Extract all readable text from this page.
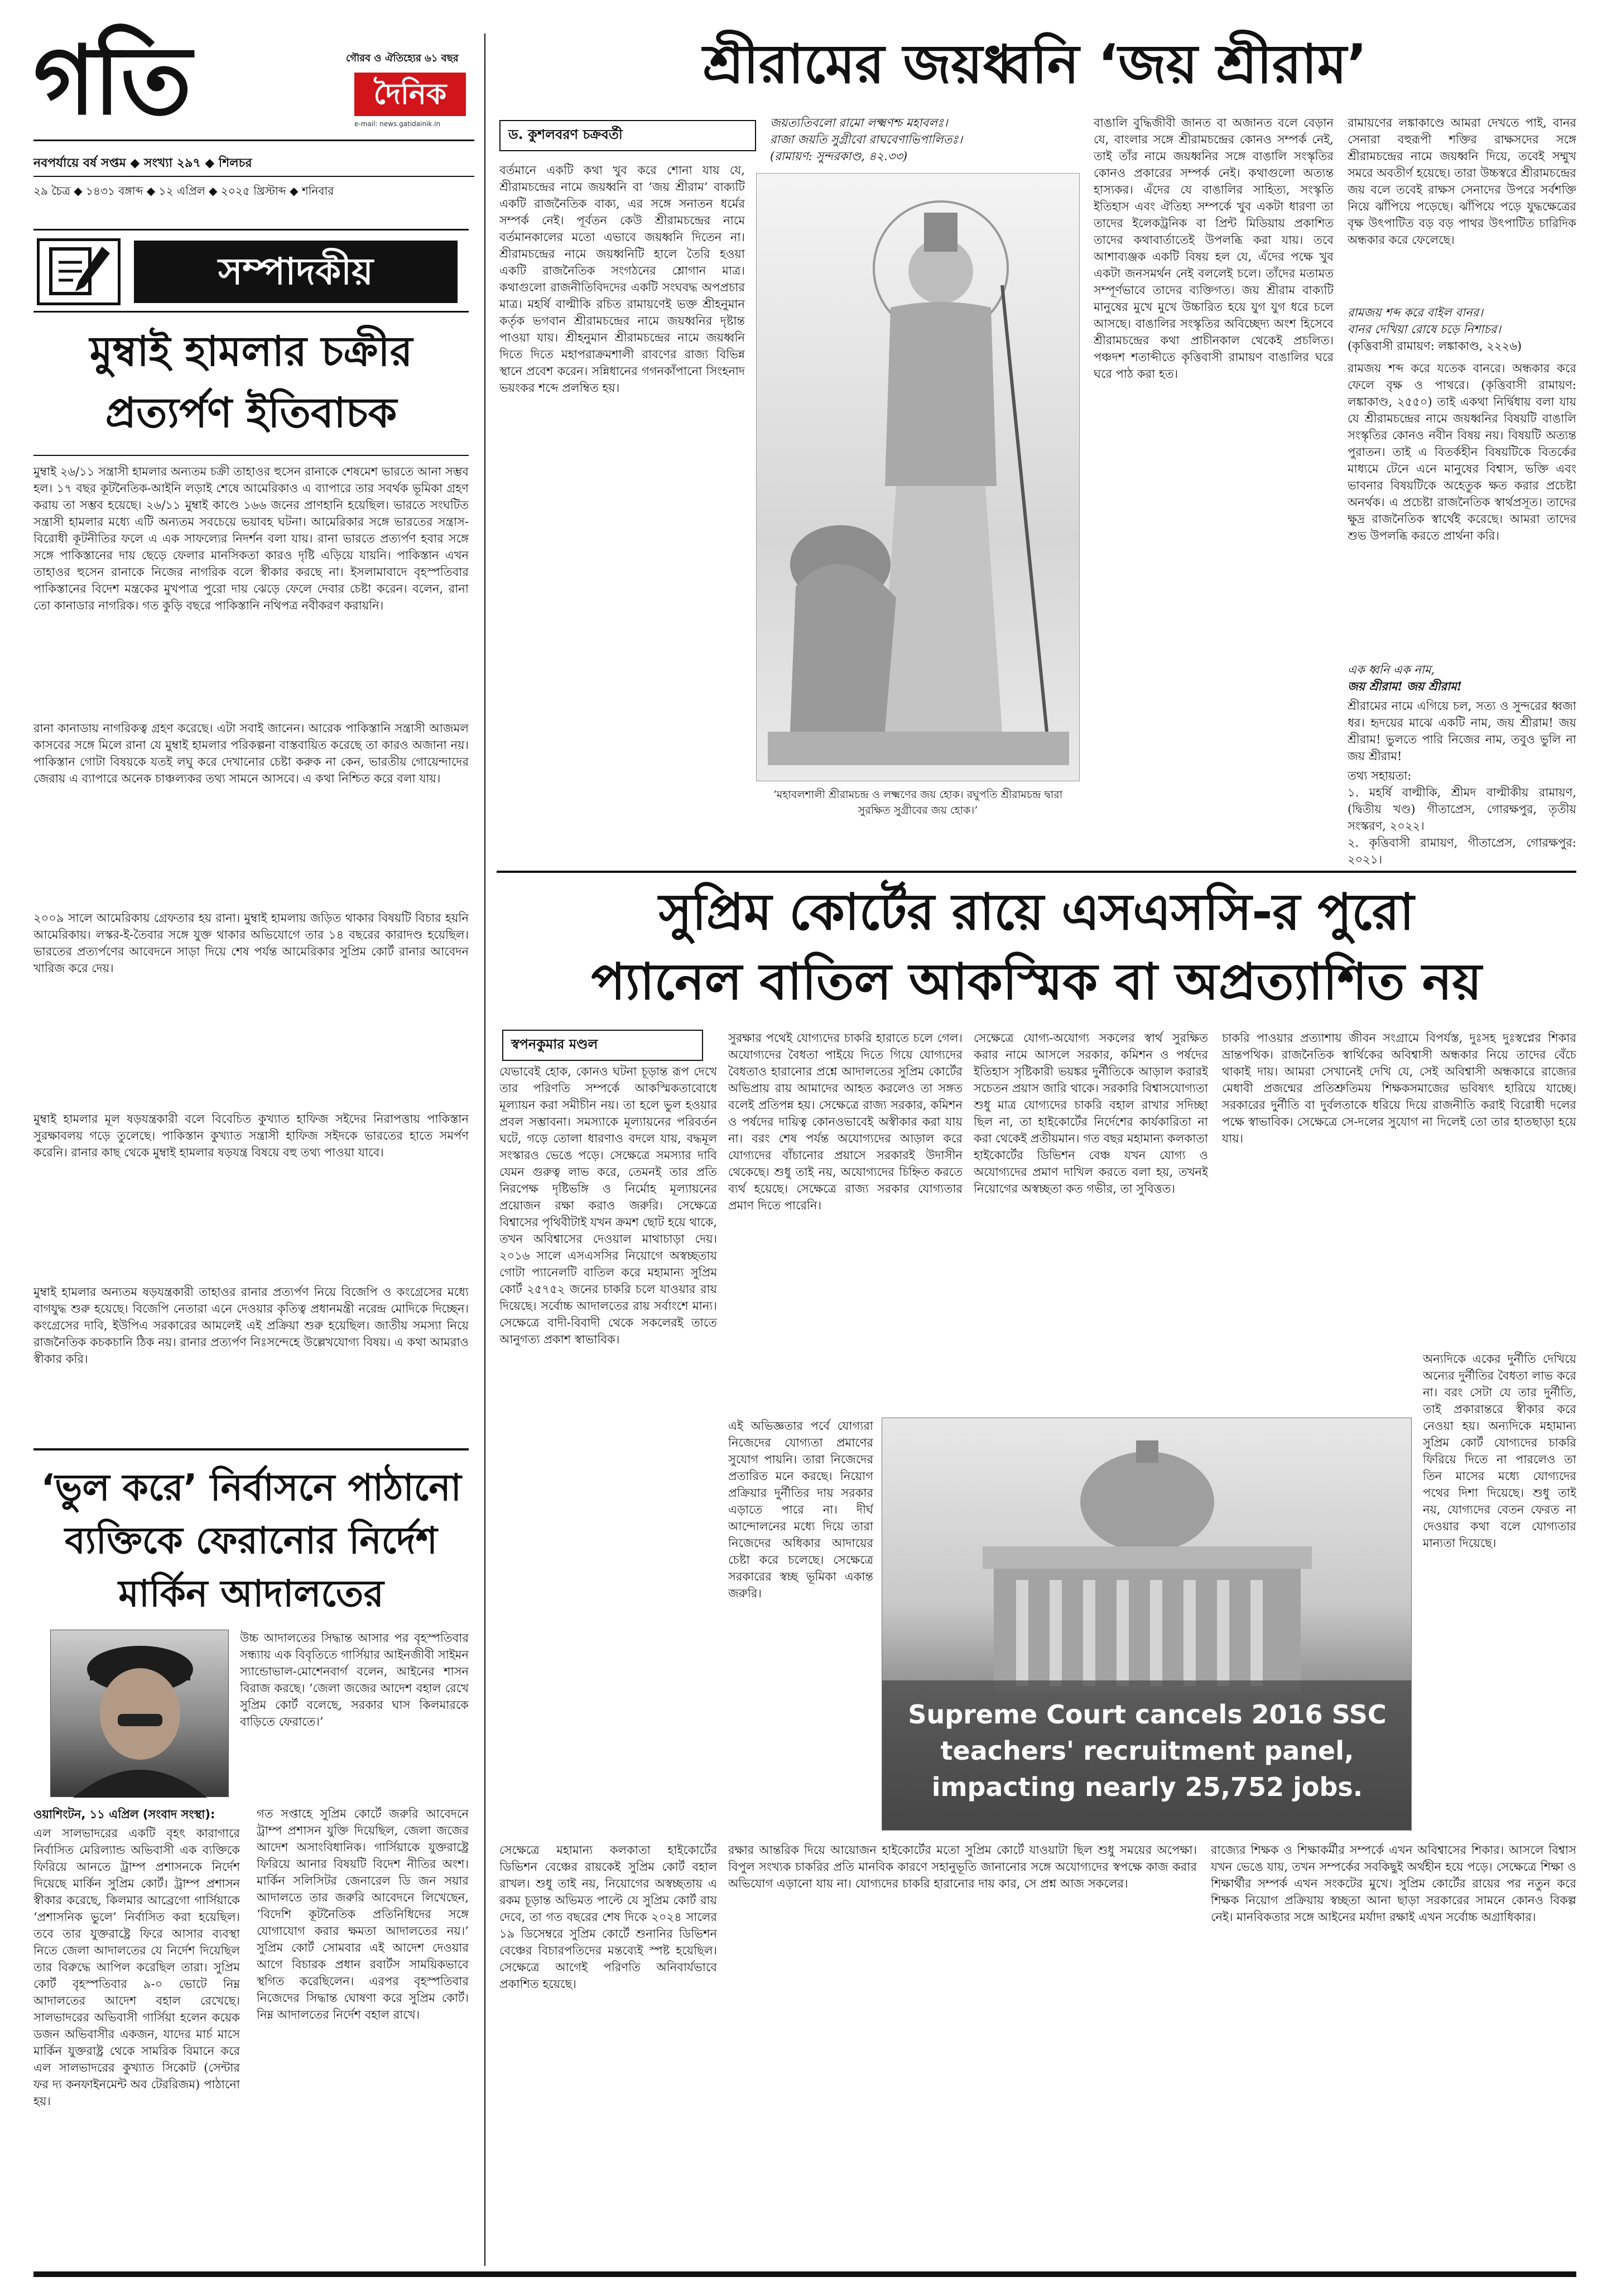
গতি	গৌরব ও ঐতিহ্যের ৬১ বছর
দৈনিক
e-mail: news.gatidainik.in
নবপর্যায়ে বর্ষ সপ্তম ◆ সংখ্যা ২৯৭ ◆ শিলচর
২৯ চৈত্র ◆ ১৪৩১ বঙ্গাব্দ ◆ ১২ এপ্রিল ◆ ২০২৫ খ্রিস্টাব্দ ◆ শনিবার
সম্পাদকীয়
মুম্বাই হামলার চক্রীর
প্রত্যর্পণ ইতিবাচক
মুম্বাই ২৬/১১ সন্ত্রাসী হামলার অন্যতম চক্রী তাহাওর হুসেন রানাকে শেষমেশ ভারতে আনা সম্ভব হল। ১৭ বছর কূটনৈতিক-আইনি লড়াই শেষে আমেরিকাও এ ব্যাপারে তার সবর্থক ভূমিকা গ্রহণ করায় তা সম্ভব হয়েছে। ২৬/১১ মুম্বাই কাণ্ডে ১৬৬ জনের প্রাণহানি হয়েছিল। ভারতে সংঘটিত সন্ত্রাসী হামলার মধ্যে এটি অন্যতম সবচেয়ে ভয়াবহ ঘটনা। আমেরিকার সঙ্গে ভারতের সন্ত্রাস-বিরোধী কূটনীতির ফলে এ এক সাফল্যের নিদর্শন বলা যায়। রানা ভারতে প্রত্যর্পণ হবার সঙ্গে সঙ্গে পাকিস্তানের দায় ছেড়ে ফেলার মানসিকতা কারও দৃষ্টি এড়িয়ে যায়নি। পাকিস্তান এখন তাহাওর হুসেন রানাকে নিজের নাগরিক বলে স্বীকার করছে না। ইসলামাবাদে বৃহস্পতিবার পাকিস্তানের বিদেশ মন্ত্রকের মুখপাত্র পুরো দায় ঝেড়ে ফেলে দেবার চেষ্টা করেন। বলেন, রানা তো কানাডার নাগরিক। গত কুড়ি বছরে পাকিস্তানি নথিপত্র নবীকরণ করায়নি।
রানা কানাডায় নাগরিকত্ব গ্রহণ করেছে। এটা সবাই জানেন। আরেক পাকিস্তানি সন্ত্রাসী আজমল কাসবের সঙ্গে মিলে রানা যে মুম্বাই হামলার পরিকল্পনা বাস্তবায়িত করেছে তা কারও অজানা নয়। পাকিস্তান গোটা বিষয়কে যতই লঘু করে দেখানোর চেষ্টা করুক না কেন, ভারতীয় গোয়েন্দাদের জেরায় এ ব্যাপারে অনেক চাঞ্চল্যকর তথ্য সামনে আসবে। এ কথা নিশ্চিত করে বলা যায়।
২০০৯ সালে আমেরিকায় গ্রেফতার হয় রানা। মুম্বাই হামলায় জড়িত থাকার বিষয়টি বিচার হয়নি আমেরিকায়। লস্কর-ই-তৈবার সঙ্গে যুক্ত থাকার অভিযোগে তার ১৪ বছরের কারাদণ্ড হয়েছিল। ভারতের প্রত্যর্পণের আবেদনে সাড়া দিয়ে শেষ পর্যন্ত আমেরিকার সুপ্রিম কোর্ট রানার আবেদন খারিজ করে দেয়।
মুম্বাই হামলার মূল ষড়যন্ত্রকারী বলে বিবেচিত কুখ্যাত হাফিজ সইদের নিরাপত্তায় পাকিস্তান সুরক্ষাবলয় গড়ে তুলেছে। পাকিস্তান কুখ্যাত সন্ত্রাসী হাফিজ সইদকে ভারতের হাতে সমর্পণ করেনি। রানার কাছ থেকে মুম্বাই হামলার ষড়যন্ত্র বিষয়ে বহু তথ্য পাওয়া যাবে।
মুম্বাই হামলার অন্যতম ষড়যন্ত্রকারী তাহাওর রানার প্রত্যর্পণ নিয়ে বিজেপি ও কংগ্রেসের মধ্যে বাগযুদ্ধ শুরু হয়েছে। বিজেপি নেতারা এনে দেওয়ার কৃতিত্ব প্রধানমন্ত্রী নরেন্দ্র মোদিকে দিচ্ছেন। কংগ্রেসের দাবি, ইউপিএ সরকারের আমলেই এই প্রক্রিয়া শুরু হয়েছিল। জাতীয় সমস্যা নিয়ে রাজনৈতিক কচকচানি ঠিক নয়। রানার প্রত্যর্পণ নিঃসন্দেহে উল্লেখযোগ্য বিষয়। এ কথা আমরাও স্বীকার করি।
‘ভুল করে’ নির্বাসনে পাঠানো
ব্যক্তিকে ফেরানোর নির্দেশ
মার্কিন আদালতের
উচ্চ আদালতের সিদ্ধান্ত আসার পর বৃহস্পতিবার সন্ধ্যায় এক বিবৃতিতে গার্সিয়ার আইনজীবী সাইমন স্যান্ডোভাল-মোশেনবার্গ বলেন, আইনের শাসন বিরাজ করছে। ‘জেলা জজের আদেশ বহাল রেখে সুপ্রিম কোর্ট বলেছে, সরকার ঘাস কিলমারকে বাড়িতে ফেরাতে।’
ওয়াশিংটন, ১১ এপ্রিল (সংবাদ সংস্থা):
এল সালভাদরের একটি বৃহৎ কারাগারে নির্বাসিত মেরিল্যান্ড অভিবাসী এক ব্যক্তিকে ফিরিয়ে আনতে ট্রাম্প প্রশাসনকে নির্দেশ দিয়েছে মার্কিন সুপ্রিম কোর্ট। ট্রাম্প প্রশাসন স্বীকার করেছে, কিলমার আব্রেগো গার্সিয়াকে ‘প্রশাসনিক ভুলে’ নির্বাসিত করা হয়েছিল। তবে তার যুক্তরাষ্ট্রে ফিরে আসার ব্যবস্থা নিতে জেলা আদালতের যে নির্দেশ দিয়েছিল তার বিরুদ্ধে আপিল করেছিল তারা। সুপ্রিম কোর্ট বৃহস্পতিবার ৯-০ ভোটে নিম্ন আদালতের আদেশ বহাল রেখেছে। সালভাদরের অভিবাসী গার্সিয়া হলেন কয়েক ডজন অভিবাসীর একজন, যাদের মার্চ মাসে মার্কিন যুক্তরাষ্ট্র থেকে সামরিক বিমানে করে এল সালভাদরের কুখ্যাত সিকোট (সেন্টার ফর দ্য কনফাইনমেন্ট অব টেররিজম) পাঠানো হয়।
গত সপ্তাহে সুপ্রিম কোর্টে জরুরি আবেদনে ট্রাম্প প্রশাসন যুক্তি দিয়েছিল, জেলা জজের আদেশ অসাংবিধানিক। গার্সিয়াকে যুক্তরাষ্ট্রে ফিরিয়ে আনার বিষয়টি বিদেশ নীতির অংশ। মার্কিন সলিসিটর জেনারেল ডি জন সয়ার আদালতে তার জরুরি আবেদনে লিখেছেন, ‘বিদেশি কূটনৈতিক প্রতিনিধিদের সঙ্গে যোগাযোগ করার ক্ষমতা আদালতের নয়।’ সুপ্রিম কোর্ট সোমবার এই আদেশ দেওয়ার আগে বিচারক প্রধান রবার্টস সাময়িকভাবে স্থগিত করেছিলেন। এরপর বৃহস্পতিবার নিজেদের সিদ্ধান্ত ঘোষণা করে সুপ্রিম কোর্ট। নিম্ন আদালতের নির্দেশ বহাল রাখে।
শ্রীরামের জয়ধ্বনি ‘জয় শ্রীরাম’
ড. কুশলবরণ চক্রবর্তী
জয়ত্যতিবলো রামো লক্ষ্মণশ্চ মহাবলঃ।
রাজা জয়তি সুগ্রীবো রাঘবেণাভিপালিতঃ।
(রামায়ণ: সুন্দরকাণ্ড, ৪২.৩৩)
বর্তমানে একটি কথা খুব করে শোনা যায় যে, শ্রীরামচন্দ্রের নামে জয়ধ্বনি বা ‘জয় শ্রীরাম’ বাক্যটি একটি রাজনৈতিক বাক্য, এর সঙ্গে সনাতন ধর্মের সম্পর্ক নেই। পূর্বতন কেউ শ্রীরামচন্দ্রের নামে বর্তমানকালের মতো এভাবে জয়ধ্বনি দিতেন না। শ্রীরামচন্দ্রের নামে জয়ধ্বনিটি হালে তৈরি হওয়া একটি রাজনৈতিক সংগঠনের শ্লোগান মাত্র। কথাগুলো রাজনীতিবিদদের একটি সংঘবদ্ধ অপপ্রচার মাত্র। মহর্ষি বাল্মীকি রচিত রামায়ণেই ভক্ত শ্রীহনুমান কর্তৃক ভগবান শ্রীরামচন্দ্রের নামে জয়ধ্বনির দৃষ্টান্ত পাওয়া যায়। শ্রীহনুমান শ্রীরামচন্দ্রের নামে জয়ধ্বনি দিতে দিতে মহাপরাক্রমশালী রাবণের রাজ্য বিভিন্ন স্থানে প্রবেশ করেন। সন্নিধানের গগনকাঁপানো সিংহনাদ ভয়ংকর শব্দে প্রলম্বিত হয়।
‘মহাবলশালী শ্রীরামচন্দ্র ও লক্ষ্মণের জয় হোক। রঘুপতি শ্রীরামচন্দ্র দ্বারা সুরক্ষিত সুগ্রীবের জয় হোক।’
বাঙালি বুদ্ধিজীবী জানত বা অজানত বলে বেড়ান যে, বাংলার সঙ্গে শ্রীরামচন্দ্রের কোনও সম্পর্ক নেই, তাই তাঁর নামে জয়ধ্বনির সঙ্গে বাঙালি সংস্কৃতির কোনও প্রকারের সম্পর্ক নেই। কথাগুলো অত্যন্ত হাস্যকর। এঁদের যে বাঙালির সাহিত্য, সংস্কৃতি ইতিহাস এবং ঐতিহ্য সম্পর্কে খুব একটা ধারণা তা তাদের ইলেকট্রনিক বা প্রিন্ট মিডিয়ায় প্রকাশিত তাদের কথাবার্তাতেই উপলব্ধি করা যায়। তবে আশাব্যঞ্জক একটি বিষয় হল যে, এঁদের পক্ষে খুব একটা জনসমর্থন নেই বললেই চলে। তাঁদের মতামত সম্পূর্ণভাবে তাদের ব্যক্তিগত। জয় শ্রীরাম বাক্যটি মানুষের মুখে মুখে উচ্চারিত হয়ে যুগ যুগ ধরে চলে আসছে। বাঙালির সংস্কৃতির অবিচ্ছেদ্য অংশ হিসেবে শ্রীরামচন্দ্রের কথা প্রাচীনকাল থেকেই প্রচলিত। পঞ্চদশ শতাব্দীতে কৃত্তিবাসী রামায়ণ বাঙালির ঘরে ঘরে পাঠ করা হত।
রামায়ণের লঙ্কাকাণ্ডে আমরা দেখতে পাই, বানর সেনারা বহুরূপী শক্তির রাক্ষসদের সঙ্গে শ্রীরামচন্দ্রের নামে জয়ধ্বনি দিয়ে, তবেই সম্মুখ সমরে অবতীর্ণ হয়েছে। তারা উচ্চস্বরে শ্রীরামচন্দ্রের জয় বলে তবেই রাক্ষস সেনাদের উপরে সর্বশক্তি নিয়ে ঝাঁপিয়ে পড়েছে। ঝাঁপিয়ে পড়ে যুদ্ধক্ষেত্রের বৃক্ষ উৎপাটিত বড় বড় পাথর উৎপাটিত চারিদিক অন্ধকার করে ফেলেছে।
রামজয় শব্দ করে বাইল বানর।
বানর দেখিয়া রোষে চড়ে নিশাচর।
(কৃত্তিবাসী রামায়ণ: লঙ্কাকাণ্ড, ২২২৬)
রামজয় শব্দ করে যতেক বানরে। অন্ধকার করে ফেলে বৃক্ষ ও পাথরে। (কৃত্তিবাসী রামায়ণ: লঙ্কাকাণ্ড, ২৫৫০) তাই একথা নির্দ্বিধায় বলা যায় যে শ্রীরামচন্দ্রের নামে জয়ধ্বনির বিষয়টি বাঙালি সংস্কৃতির কোনও নবীন বিষয় নয়। বিষয়টি অত্যন্ত পুরাতন। তাই এ বিতর্কহীন বিষয়টিকে বিতর্কের মাধ্যমে টেনে এনে মানুষের বিশ্বাস, ভক্তি এবং ভাবনার বিষয়টিকে অহেতুক ক্ষত করার প্রচেষ্টা অনর্থক। এ প্রচেষ্টা রাজনৈতিক স্বার্থপ্রসূত। তাদের ক্ষুদ্র রাজনৈতিক স্বার্থেই করেছে। আমরা তাদের শুভ উপলব্ধি করতে প্রার্থনা করি।
এক ধ্বনি এক নাম,
জয় শ্রীরাম! জয় শ্রীরাম!
শ্রীরামের নামে এগিয়ে চল, সত্য ও সুন্দরের ধ্বজা ধর। হৃদয়ের মাঝে একটি নাম, জয় শ্রীরাম! জয় শ্রীরাম! ভুলতে পারি নিজের নাম, তবুও ভুলি না জয় শ্রীরাম!
তথ্য সহায়তা:
১. মহর্ষি বাল্মীকি, শ্রীমদ বাল্মীকীয় রামায়ণ, (দ্বিতীয় খণ্ড) গীতাপ্রেস, গোরক্ষপুর, তৃতীয় সংস্করণ, ২০২২।
২. কৃত্তিবাসী রামায়ণ, গীতাপ্রেস, গোরক্ষপুর: ২০২১।
সুপ্রিম কোর্টের রায়ে এসএসসি-র পুরো
প্যানেল বাতিল আকস্মিক বা অপ্রত্যাশিত নয়
স্বপনকুমার মণ্ডল
যেভাবেই হোক, কোনও ঘটনা চূড়ান্ত রূপ দেখে তার পরিণতি সম্পর্কে আকস্মিকতাবোধে মূল্যায়ন করা সমীচীন নয়। তা হলে ভুল হওয়ার প্রবল সম্ভাবনা। সমস্যাকে মূল্যায়নের পরিবর্তন ঘটে, গড়ে তোলা ধারণাও বদলে যায়, বদ্ধমূল সংস্কারও ভেঙে পড়ে। সেক্ষেত্রে সমস্যার দাবি যেমন গুরুত্ব লাভ করে, তেমনই তার প্রতি নিরপেক্ষ দৃষ্টিভঙ্গি ও নির্মোহ মূল্যায়নের প্রয়োজন রক্ষা করাও জরুরি। সেক্ষেত্রে বিশ্বাসের পৃথিবীটাই যখন ক্রমশ ছোট হয়ে থাকে, তখন অবিশ্বাসের দেওয়াল মাথাচাড়া দেয়। ২০১৬ সালে এসএসসির নিয়োগে অস্বচ্ছতায় গোটা প্যানেলটি বাতিল করে মহামান্য সুপ্রিম কোর্ট ২৫৭৫২ জনের চাকরি চলে যাওয়ার রায় দিয়েছে। সর্বোচ্চ আদালতের রায় সর্বাংশে মান্য। সেক্ষেত্রে বাদী-বিবাদী থেকে সকলেরই তাতে আনুগত্য প্রকাশ স্বাভাবিক।
সুরক্ষার পথেই যোগ্যদের চাকরি হারাতে চলে গেল। অযোগ্যদের বৈধতা পাইয়ে দিতে গিয়ে যোগ্যদের বৈধতাও হারানোর প্রশ্নে আদালতের সুপ্রিম কোর্টের অভিপ্রায় রায় আমাদের আহত করলেও তা সঙ্গত বলেই প্রতিপন্ন হয়। সেক্ষেত্রে রাজ্য সরকার, কমিশন ও পর্ষদের দায়িত্ব কোনওভাবেই অস্বীকার করা যায় না। বরং শেষ পর্যন্ত অযোগ্যদের আড়াল করে যোগ্যদের বাঁচানোর প্রয়াসে সরকারই উদাসীন থেকেছে। শুধু তাই নয়, অযোগ্যদের চিহ্নিত করতে ব্যর্থ হয়েছে। সেক্ষেত্রে রাজ্য সরকার যোগ্যতার প্রমাণ দিতে পারেনি।
সেক্ষেত্রে যোগ্য-অযোগ্য সকলের স্বার্থ সুরক্ষিত করার নামে আসলে সরকার, কমিশন ও পর্ষদের ইতিহাস সৃষ্টিকারী ভয়ঙ্কর দুর্নীতিকে আড়াল করারই সচেতন প্রয়াস জারি থাকে। সরকারি বিশ্বাসযোগ্যতা শুধু মাত্র যোগ্যদের চাকরি বহাল রাখার সদিচ্ছা ছিল না, তা হাইকোর্টের নির্দেশের কার্যকারিতা না করা থেকেই প্রতীয়মান। গত বছর মহামান্য কলকাতা হাইকোর্টের ডিভিশন বেঞ্চ যখন যোগ্য ও অযোগ্যদের প্রমাণ দাখিল করতে বলা হয়, তখনই নিয়োগের অস্বচ্ছতা কত গভীর, তা সুবিত্তত।
চাকরি পাওয়ার প্রত্যাশায় জীবন সংগ্রামে বিপর্যস্ত, দুঃসহ দুঃস্বপ্নের শিকার ভ্রান্তপথিক। রাজনৈতিক স্বার্থিকের অবিশ্বাসী অন্ধকার নিয়ে তাদের বেঁচে থাকাই দায়। আমরা সেখানেই দেখি যে, সেই অবিশ্বাসী অন্ধকারে রাজ্যের মেধাবী প্রজন্মের প্রতিশ্রুতিময় শিক্ষকসমাজের ভবিষ্যৎ হারিয়ে যাচ্ছে। সরকারের দুর্নীতি বা দুর্বলতাকে ধরিয়ে দিয়ে রাজনীতি করাই বিরোধী দলের পক্ষে স্বাভাবিক। সেক্ষেত্রে সে-দলের সুযোগ না দিলেই তো তার হাতছাড়া হয়ে যায়।
অন্যদিকে একের দুর্নীতি দেখিয়ে অন্যের দুর্নীতির বৈধতা লাভ করে না। বরং সেটা যে তার দুর্নীতি, তাই প্রকারান্তরে স্বীকার করে নেওয়া হয়। অন্যদিকে মহামান্য সুপ্রিম কোর্ট যোগ্যদের চাকরি ফিরিয়ে দিতে না পারলেও তা তিন মাসের মধ্যে যোগ্যদের পথের দিশা দিয়েছে। শুধু তাই নয়, যোগ্যদের বেতন ফেরত না দেওয়ার কথা বলে যোগ্যতার মান্যতা দিয়েছে।
Supreme Court cancels 2016 SSC
teachers' recruitment panel,
impacting nearly 25,752 jobs.
এই অভিজ্ঞতার পর্বে যোগ্যরা নিজেদের যোগ্যতা প্রমাণের সুযোগ পায়নি। তারা নিজেদের প্রতারিত মনে করছে। নিয়োগ প্রক্রিয়ার দুর্নীতির দায় সরকার এড়াতে পারে না। দীর্ঘ আন্দোলনের মধ্যে দিয়ে তারা নিজেদের অধিকার আদায়ের চেষ্টা করে চলেছে। সেক্ষেত্রে সরকারের স্বচ্ছ ভূমিকা একান্ত জরুরি।
সেক্ষেত্রে মহামান্য কলকাতা হাইকোর্টের ডিভিশন বেঞ্চের রায়কেই সুপ্রিম কোর্ট বহাল রাখল। শুধু তাই নয়, নিয়োগের অস্বচ্ছতায় এ রকম চূড়ান্ত অভিমত পাল্টে যে সুপ্রিম কোর্ট রায় দেবে, তা গত বছরের শেষ দিকে ২০২৪ সালের ১৯ ডিসেম্বরে সুপ্রিম কোর্টে শুনানির ডিভিশন বেঞ্চের বিচারপতিদের মন্তব্যেই স্পষ্ট হয়েছিল। সেক্ষেত্রে আগেই পরিণতি অনিবার্যভাবে প্রকাশিত হয়েছে।
রক্ষার আন্তরিক দিয়ে আয়োজন হাইকোর্টের মতো সুপ্রিম কোর্টে যাওয়াটা ছিল শুধু সময়ের অপেক্ষা। বিপুল সংখ্যক চাকরির প্রতি মানবিক কারণে সহানুভূতি জানানোর সঙ্গে অযোগ্যদের স্বপক্ষে কাজ করার অভিযোগ এড়ানো যায় না। যোগ্যদের চাকরি হারানোর দায় কার, সে প্রশ্ন আজ সকলের।
রাজ্যের শিক্ষক ও শিক্ষাকর্মীর সম্পর্কে এখন অবিশ্বাসের শিকার। আসলে বিশ্বাস যখন ভেঙে যায়, তখন সম্পর্কের সবকিছুই অর্থহীন হয়ে পড়ে। সেক্ষেত্রে শিক্ষা ও শিক্ষার্থীর সম্পর্ক এখন সংকটের মুখে। সুপ্রিম কোর্টের রায়ের পর নতুন করে শিক্ষক নিয়োগ প্রক্রিয়ায় স্বচ্ছতা আনা ছাড়া সরকারের সামনে কোনও বিকল্প নেই। মানবিকতার সঙ্গে আইনের মর্যাদা রক্ষাই এখন সর্বোচ্চ অগ্রাধিকার।
